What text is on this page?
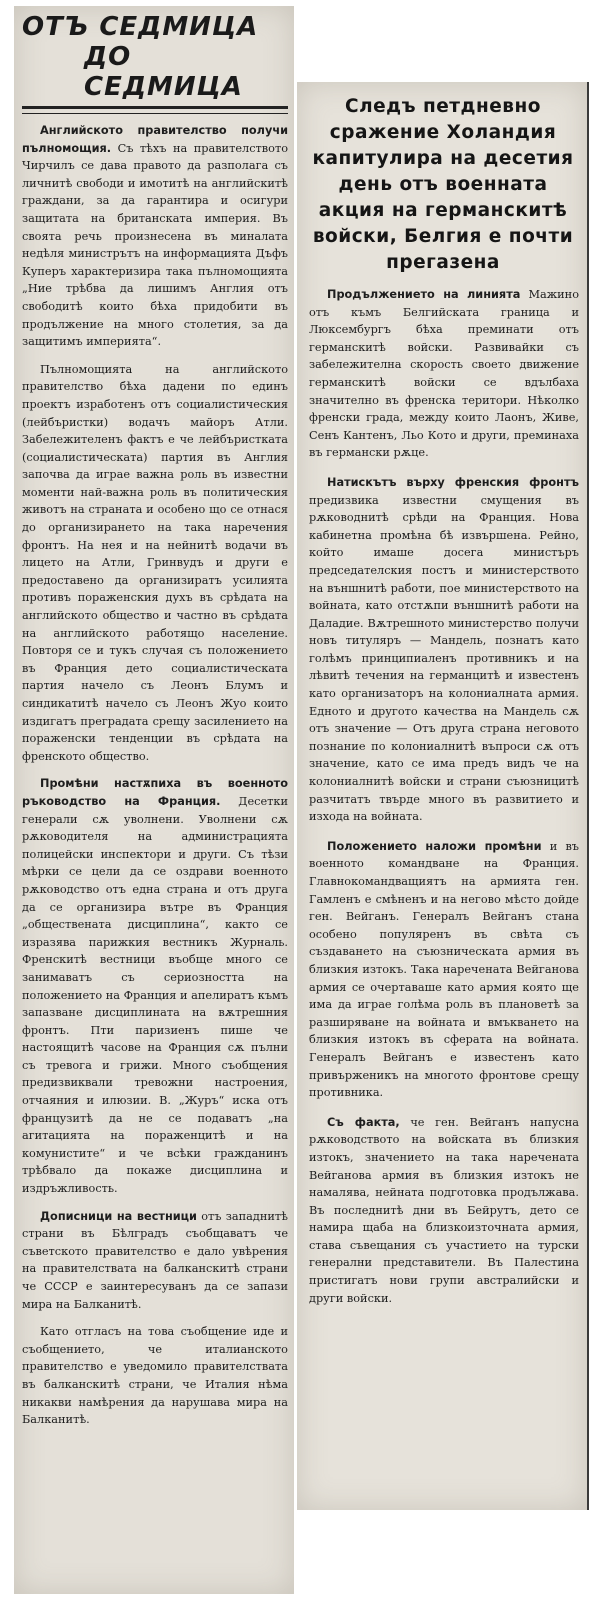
ОТЪ СЕДМИЦА
ДО СЕДМИЦА

Английското правителство получи пълномощия. Съ тѣхъ на правителството Чирчилъ се дава правото да разполага съ личнитѣ свободи и имотитѣ на английскитѣ граждани, за да гарантира и осигури защитата на британската империя. Въ своята речь произнесена въ миналата недѣля министрътъ на информацията Дъфъ Куперъ характеризира така пълномощията „Ние трѣбва да лишимъ Англия отъ свободитѣ които бѣха придобити въ продължение на много столетия, за да защитимъ империята“.

Пълномощията на английското правителство бѣха дадени по единъ проектъ изработенъ отъ социалистическия (лейбъристки) водачъ майоръ Атли. Забележителенъ фактъ е че лейбъристката (социалистическата) партия въ Англия започва да играе важна роль въ известни моменти най-важна роль въ политическия животъ на страната и особено що се отнася до организирането на така наречения фронтъ. На нея и на нейнитѣ водачи въ лицето на Атли, Гринвудъ и други е предоставено да организиратъ усилията противъ пораженския духъ въ срѣдата на английското общество и частно въ срѣдата на английското работящо население. Повторя се и тукъ случая съ положението въ Франция дето социалистическата партия начело съ Леонъ Блумъ и синдикатитѣ начело съ Леонъ Жуо които издигатъ преградата срещу засилението на пораженски тенденции въ срѣдата на френското общество.

Промѣни настѫпиха въ военното ръководство на Франция. Десетки генерали сѫ уволнени. Уволнени сѫ рѫководителя на администрацията полицейски инспектори и други. Съ тѣзи мѣрки се цели да се оздрави военното рѫководство отъ една страна и отъ друга да се организира вътре въ Франция „обществената дисциплина“, както се изразява парижкия вестникъ Журналь. Френскитѣ вестници въобще много се занимаватъ съ сериозността на положението на Франция и апелиратъ къмъ запазване дисциплината на вѫтрешния фронтъ. Пти паризиенъ пише че настоящитѣ часове на Франция сѫ пълни съ тревога и грижи. Много съобщения предизвиквали тревожни настроения, отчаяния и илюзии. В. „Журъ“ иска отъ французитѣ да не се подаватъ „на агитацията на пораженцитѣ и на комунистите“ и че всѣки гражданинъ трѣбвало да покаже дисциплина и издръжливость.

Дописници на вестници отъ западнитѣ страни въ Бѣлградъ съобщаватъ че съветското правителство е дало увѣрения на правителствата на балканскитѣ страни че СССР е заинтересуванъ да се запази мира на Балканитѣ.

Като отгласъ на това съобщение иде и съобщението, че италианското правителство е уведомило правителствата въ балканскитѣ страни, че Италия нѣма никакви намѣрения да нарушава мира на Балканитѣ.

Следъ петдневно сражение Холандия капитулира на десетия день отъ военната акция на германскитѣ войски, Белгия е почти прегазена

Продължението на линията Мажино отъ къмъ Белгийската граница и Люксембургъ бѣха преминати отъ германскитѣ войски. Развивайки съ забележителна скорость своето движение германскитѣ войски се вдълбаха значително въ френска територи. Нѣколко френски града, между които Лаонъ, Живе, Сенъ Кантенъ, Льо Кото и други, преминаха въ германски рѫце.

Натискътъ върху френския фронтъ предизвика известни смущения въ рѫководнитѣ срѣди на Франция. Нова кабинетна промѣна бѣ извършена. Рейно, който имаше досега министъръ председателския постъ и министерството на външнитѣ работи, пое министерството на войната, като отстѫпи външнитѣ работи на Даладие. Вѫтрешното министерство получи новъ титуляръ — Мандель, познатъ като голѣмъ принципиаленъ противникъ и на лѣвитѣ течения на германцитѣ и известенъ като организаторъ на колониалната армия. Едното и другото качества на Мандель сѫ отъ значение — Отъ друга страна неговото познание по колониалнитѣ въпроси сѫ отъ значение, като се има предъ видъ че на колониалнитѣ войски и страни съюзницитѣ разчитатъ твърде много въ развитието и изхода на войната.

Положението наложи промѣни и въ военното командване на Франция. Главнокомандващиятъ на армията ген. Гамленъ е смѣненъ и на негово мѣсто дойде ген. Вейганъ. Генералъ Вейганъ стана особено популяренъ въ свѣта съ създаването на съюзническата армия въ близкия изтокъ. Така наречената Вейганова армия се очертаваше като армия която ще има да играе голѣма роль въ плановетѣ за разширяване на войната и вмъкването на близкия изтокъ въ сферата на войната. Генералъ Вейганъ е известенъ като привърженикъ на многото фронтове срещу противника.

Съ факта, че ген. Вейганъ напусна рѫководството на войската въ близкия изтокъ, значението на така наречената Вейганова армия въ близкия изтокъ не намалява, нейната подготовка продължава. Въ последнитѣ дни въ Бейрутъ, дето се намира щаба на близкоизточната армия, става съвещания съ участието на турски генерални представители. Въ Палестина пристигатъ нови групи австралийски и други войски.
